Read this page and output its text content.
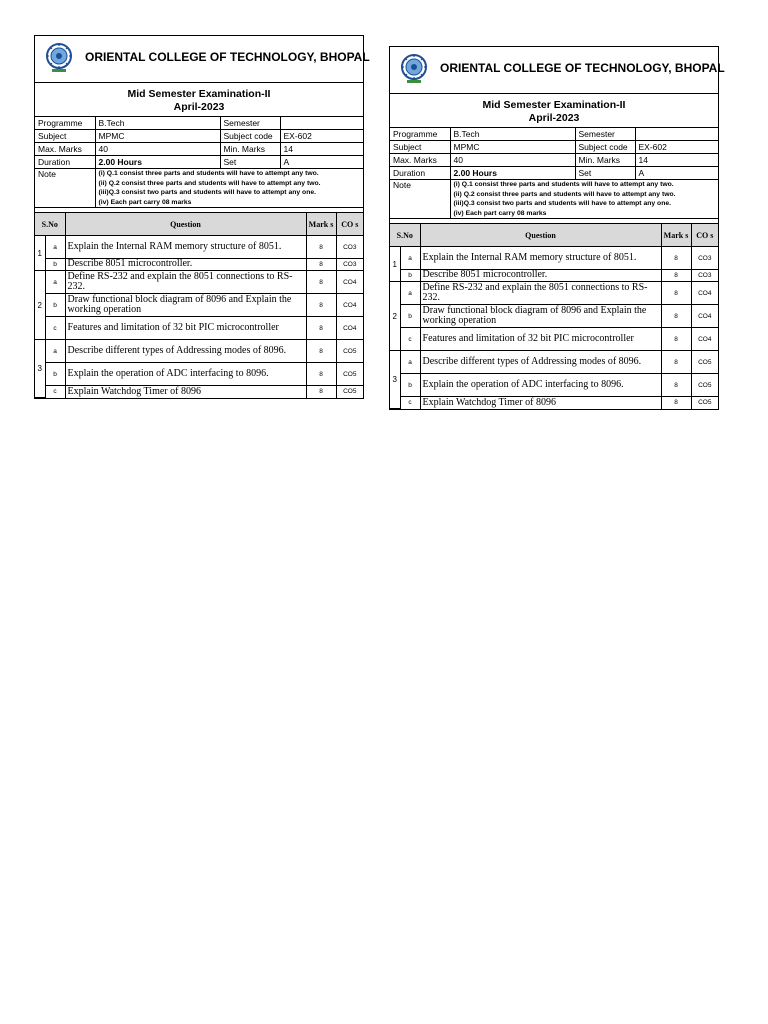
ORIENTAL COLLEGE OF TECHNOLOGY, BHOPAL
Mid Semester Examination-II
April-2023
Programme	B.Tech	Semester	
Subject	MPMC	Subject code	EX-602
Max. Marks	40	Min. Marks	14
Duration	2.00 Hours	Set	A
Note	(i) Q.1 consist three parts and students will have to attempt any two.
(ii) Q.2 consist three parts and students will have to attempt any two.
(iii)Q.3 consist two parts and students will have to attempt any one.
(iv) Each part carry 08 marks		
S.No		Question	Mark s	CO s
1	a	Explain the Internal RAM memory structure of 8051.	8	CO3
	b	Describe 8051 microcontroller.	8	CO3
2	a	Define RS-232 and explain the 8051 connections to RS-232.	8	CO4
	b	Draw functional block diagram of 8096 and Explain the working operation	8	CO4
	c	Features and limitation of 32 bit PIC microcontroller	8	CO4
3	a	Describe different types of Addressing modes of 8096.	8	CO5
	b	Explain the operation of ADC interfacing to 8096.	8	CO5
	c	Explain Watchdog Timer of 8096	8	CO5
ORIENTAL COLLEGE OF TECHNOLOGY, BHOPAL
Mid Semester Examination-II
April-2023
Programme	B.Tech	Semester	
Subject	MPMC	Subject code	EX-602
Max. Marks	40	Min. Marks	14
Duration	2.00 Hours	Set	A
Note	(i) Q.1 consist three parts and students will have to attempt any two.
(ii) Q.2 consist three parts and students will have to attempt any two.
(iii)Q.3 consist two parts and students will have to attempt any one.
(iv) Each part carry 08 marks		
S.No		Question	Mark s	CO s
1	a	Explain the Internal RAM memory structure of 8051.	8	CO3
	b	Describe 8051 microcontroller.	8	CO3
2	a	Define RS-232 and explain the 8051 connections to RS-232.	8	CO4
	b	Draw functional block diagram of 8096 and Explain the working operation	8	CO4
	c	Features and limitation of 32 bit PIC microcontroller	8	CO4
3	a	Describe different types of Addressing modes of 8096.	8	CO5
	b	Explain the operation of ADC interfacing to 8096.	8	CO5
	c	Explain Watchdog Timer of 8096	8	CO5
